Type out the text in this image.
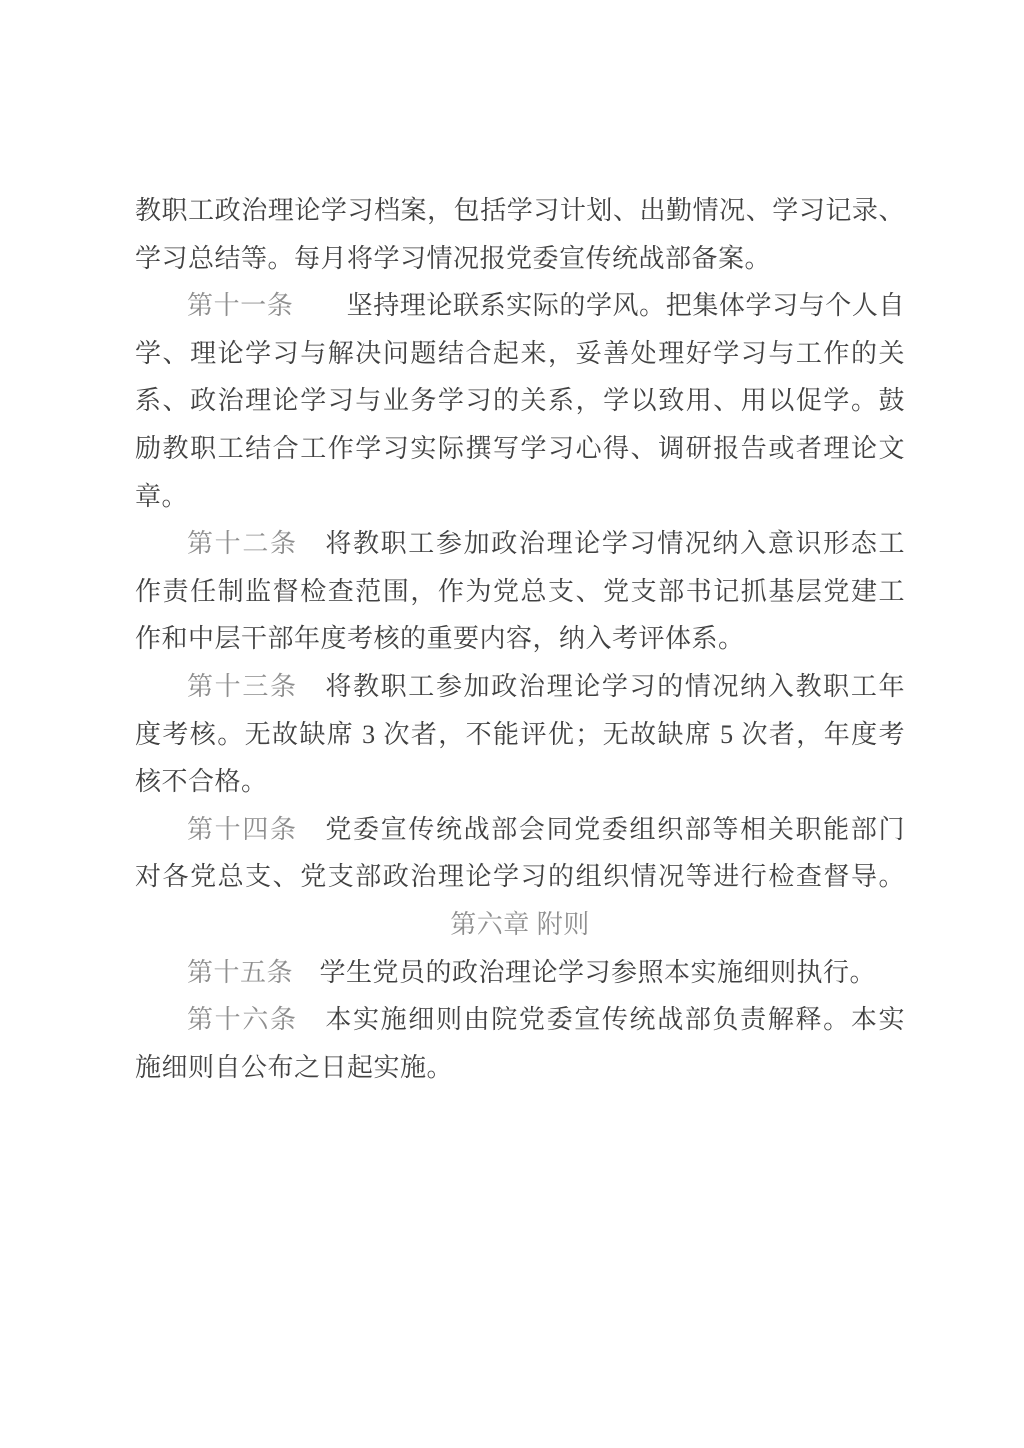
教职工政治理论学习档案，包括学习计划、出勤情况、学习记录、
学习总结等。每月将学习情况报党委宣传统战部备案。
第十一条　　 坚持理论联系实际的学风。把集体学习与个人自
学、理论学习与解决问题结合起来，妥善处理好学习与工作的关
系、政治理论学习与业务学习的关系，学以致用、用以促学。鼓
励教职工结合工作学习实际撰写学习心得、调研报告或者理论文
章。
第十二条　 将教职工参加政治理论学习情况纳入意识形态工
作责任制监督检查范围，作为党总支、党支部书记抓基层党建工
作和中层干部年度考核的重要内容，纳入考评体系。
第十三条　 将教职工参加政治理论学习的情况纳入教职工年
度考核。无故缺席 3 次者，不能评优；无故缺席 5 次者，年度考
核不合格。
第十四条　 党委宣传统战部会同党委组织部等相关职能部门
对各党总支、党支部政治理论学习的组织情况等进行检查督导。
第六章 附则
第十五条　 学生党员的政治理论学习参照本实施细则执行。
第十六条　 本实施细则由院党委宣传统战部负责解释。本实
施细则自公布之日起实施。
